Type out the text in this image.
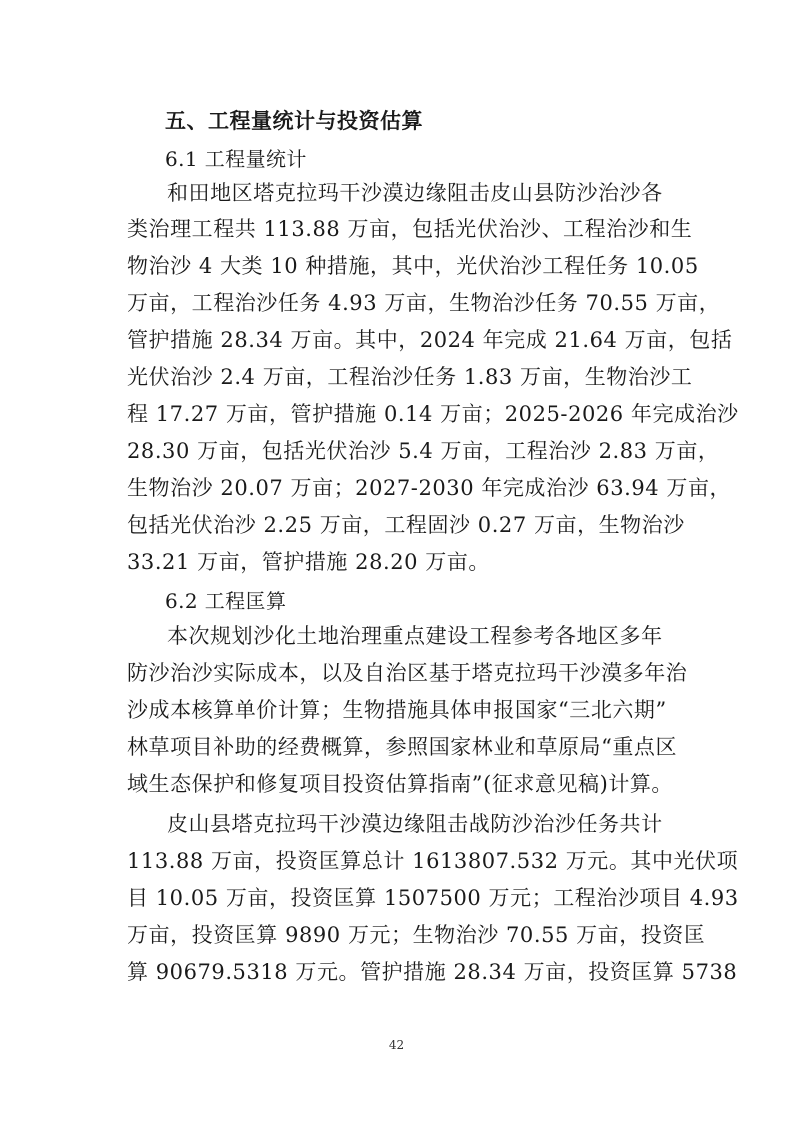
五、工程量统计与投资估算
6.1 工程量统计
和田地区塔克拉玛干沙漠边缘阻击皮山县防沙治沙各
类治理工程共 113.88 万亩，包括光伏治沙、工程治沙和生
物治沙 4 大类 10 种措施，其中，光伏治沙工程任务 10.05
万亩，工程治沙任务 4.93 万亩，生物治沙任务 70.55 万亩，
管护措施 28.34 万亩。其中，2024 年完成 21.64 万亩，包括
光伏治沙 2.4 万亩，工程治沙任务 1.83 万亩，生物治沙工
程 17.27 万亩，管护措施 0.14 万亩；2025-2026 年完成治沙
28.30 万亩，包括光伏治沙 5.4 万亩，工程治沙 2.83 万亩，
生物治沙 20.07 万亩；2027-2030 年完成治沙 63.94 万亩，
包括光伏治沙 2.25 万亩，工程固沙 0.27 万亩，生物治沙
33.21 万亩，管护措施 28.20 万亩。
6.2 工程匡算
本次规划沙化土地治理重点建设工程参考各地区多年
防沙治沙实际成本，以及自治区基于塔克拉玛干沙漠多年治
沙成本核算单价计算；生物措施具体申报国家“三北六期”
林草项目补助的经费概算，参照国家林业和草原局“重点区
域生态保护和修复项目投资估算指南”(征求意见稿)计算。
皮山县塔克拉玛干沙漠边缘阻击战防沙治沙任务共计
113.88 万亩，投资匡算总计 1613807.532 万元。其中光伏项
目 10.05 万亩，投资匡算 1507500 万元；工程治沙项目 4.93
万亩，投资匡算 9890 万元；生物治沙 70.55 万亩，投资匡
算 90679.5318 万元。管护措施 28.34 万亩，投资匡算 5738
42
